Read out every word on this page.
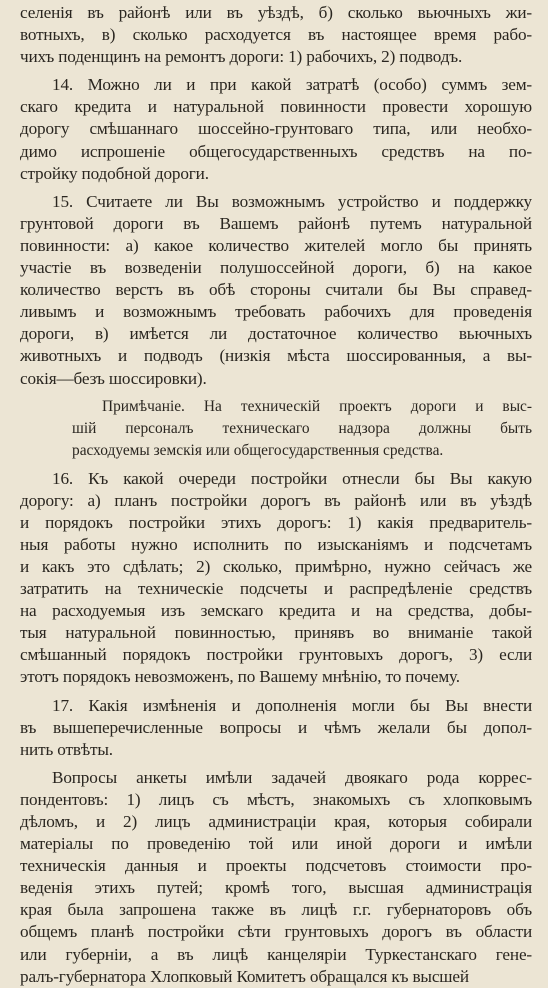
селенія въ районѣ или въ уѣздѣ, б) сколько вьючныхъ жи-
вотныхъ, в) сколько расходуется въ настоящее время рабо-
чихъ поденщинъ на ремонтъ дороги: 1) рабочихъ, 2) подводъ.
14. Можно ли и при какой затратѣ (особо) суммъ зем-
скаго кредита и натуральной повинности провести хорошую
дорогу смѣшаннаго шоссейно-грунтоваго типа, или необхо-
димо испрошеніе общегосударственныхъ средствъ на по-
стройку подобной дороги.
15. Считаете ли Вы возможнымъ устройство и поддержку
грунтовой дороги въ Вашемъ районѣ путемъ натуральной
повинности: а) какое количество жителей могло бы принять
участіе въ возведеніи полушоссейной дороги, б) на какое
количество верстъ въ обѣ стороны считали бы Вы справед-
ливымъ и возможнымъ требовать рабочихъ для проведенія
дороги, в) имѣется ли достаточное количество вьючныхъ
животныхъ и подводъ (низкія мѣста шоссированныя, а вы-
сокія—безъ шоссировки).
Примѣчаніе. На техническій проектъ дороги и выс-
шій персоналъ техническаго надзора должны быть
расходуемы земскія или общегосударственныя средства.
16. Къ какой очереди постройки отнесли бы Вы какую
дорогу: а) планъ постройки дорогъ въ районѣ или въ уѣздѣ
и порядокъ постройки этихъ дорогъ: 1) какія предваритель-
ныя работы нужно исполнить по изысканіямъ и подсчетамъ
и какъ это сдѣлать; 2) сколько, примѣрно, нужно сейчасъ же
затратить на техническіе подсчеты и распредѣленіе средствъ
на расходуемыя изъ земскаго кредита и на средства, добы-
тыя натуральной повинностью, принявъ во вниманіе такой
смѣшанный порядокъ постройки грунтовыхъ дорогъ, 3) если
этотъ порядокъ невозможенъ, по Вашему мнѣнію, то почему.
17. Какія измѣненія и дополненія могли бы Вы внести
въ вышеперечисленные вопросы и чѣмъ желали бы допол-
нить отвѣты.
Вопросы анкеты имѣли задачей двоякаго рода коррес-
пондентовъ: 1) лицъ съ мѣстъ, знакомыхъ съ хлопковымъ
дѣломъ, и 2) лицъ администраціи края, которыя собирали
матеріалы по проведенію той или иной дороги и имѣли
техническія данныя и проекты подсчетовъ стоимости про-
веденія этихъ путей; кромѣ того, высшая администрація
края была запрошена также въ лицѣ г.г. губернаторовъ объ
общемъ планѣ постройки сѣти грунтовыхъ дорогъ въ области
или губерніи, а въ лицѣ канцеляріи Туркестанскаго гене-
ралъ-губернатора Хлопковый Комитетъ обращался къ высшей
